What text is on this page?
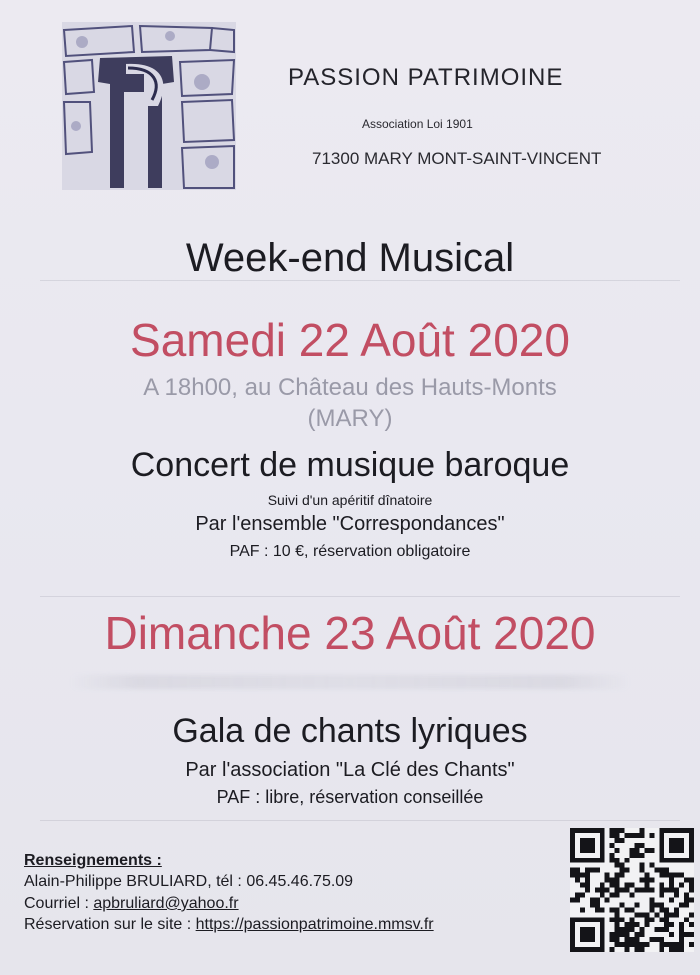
PASSION PATRIMOINE
Association Loi 1901
71300 MARY MONT-SAINT-VINCENT
Week-end Musical
Samedi 22 Août 2020
A 18h00, au Château des Hauts-Monts
(MARY)
Concert de musique baroque
Suivi d'un apéritif dînatoire
Par l'ensemble "Correspondances"
PAF : 10 €, réservation obligatoire
Dimanche 23 Août 2020
Gala de chants lyriques
Par l'association "La Clé des Chants"
PAF : libre, réservation conseillée
Renseignements :
Alain-Philippe BRULIARD, tél : 06.45.46.75.09
Courriel : apbruliard@yahoo.fr
Réservation sur le site : https://passionpatrimoine.mmsv.fr
